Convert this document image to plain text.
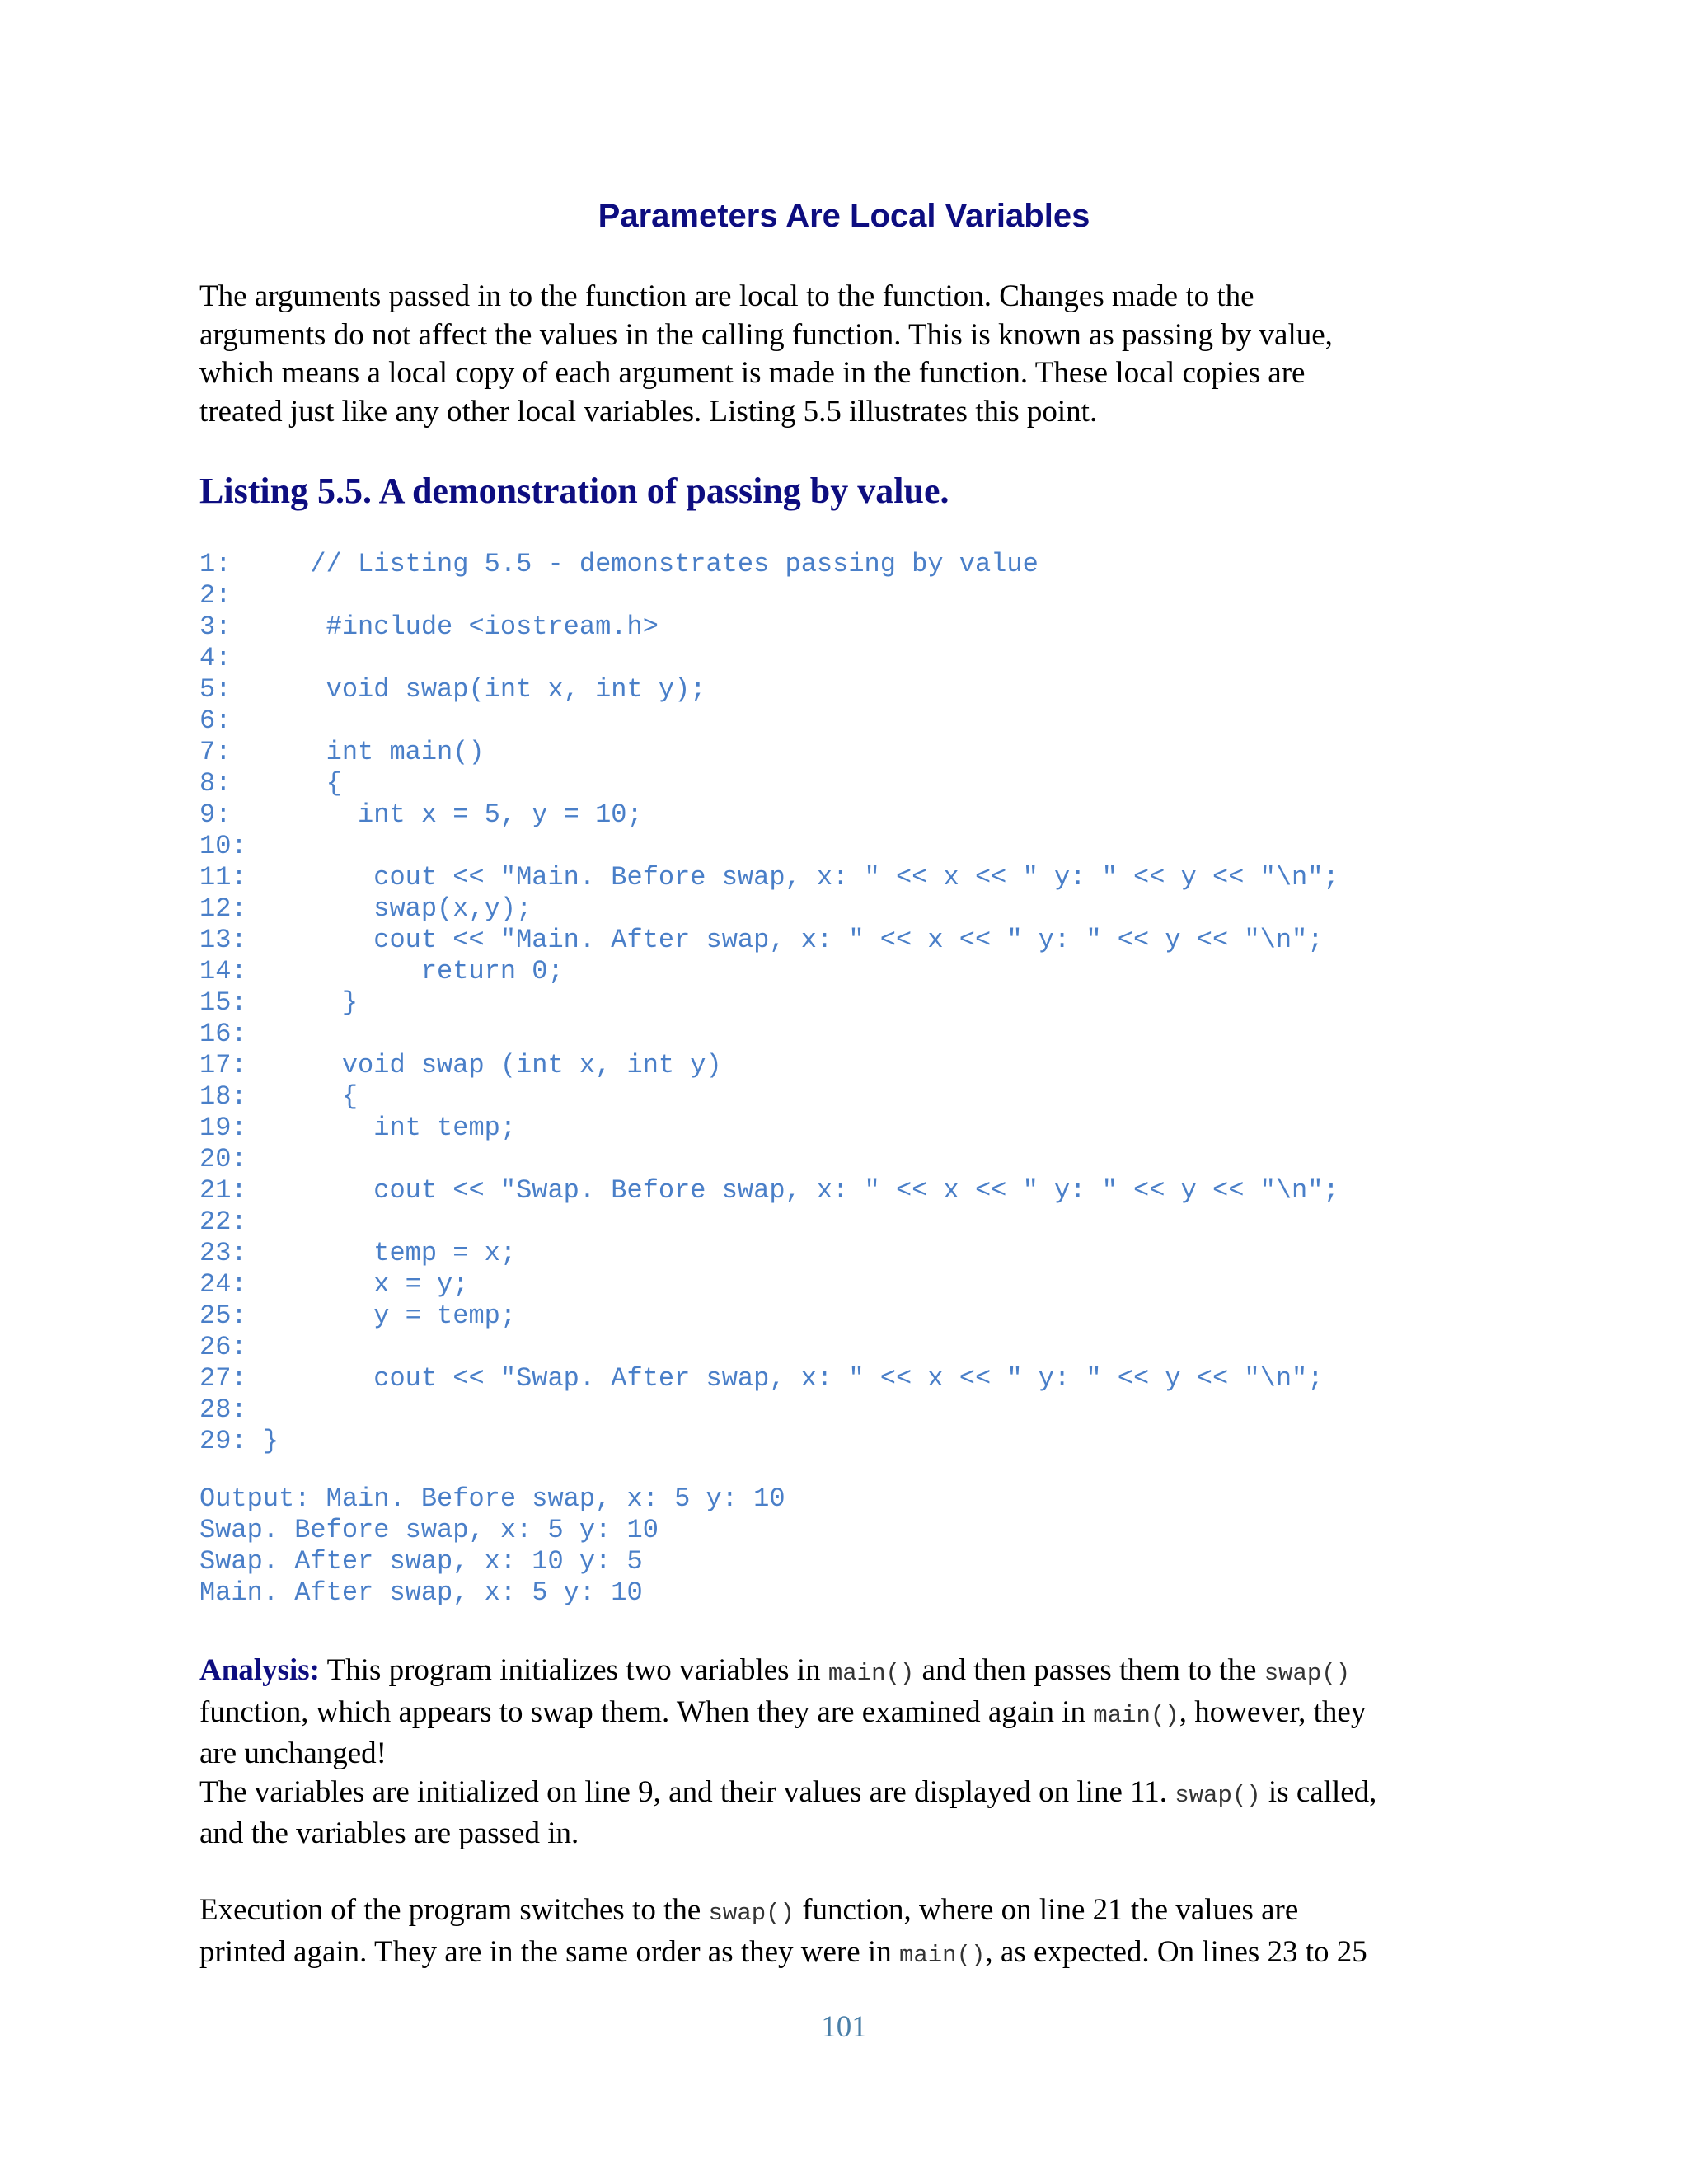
Parameters Are Local Variables

The arguments passed in to the function are local to the function. Changes made to the

arguments do not affect the values in the calling function. This is known as passing by value,

which means a local copy of each argument is made in the function. These local copies are

treated just like any other local variables. Listing 5.5 illustrates this point.

Listing 5.5. A demonstration of passing by value.
1:     // Listing 5.5 - demonstrates passing by value
2:
3:      #include <iostream.h>
4:
5:      void swap(int x, int y);
6:
7:      int main()
8:      {
9:        int x = 5, y = 10;
10:
11:        cout << "Main. Before swap, x: " << x << " y: " << y << "\n";
12:        swap(x,y);
13:        cout << "Main. After swap, x: " << x << " y: " << y << "\n";
14:           return 0;
15:      }
16:
17:      void swap (int x, int y)
18:      {
19:        int temp;
20:
21:        cout << "Swap. Before swap, x: " << x << " y: " << y << "\n";
22:
23:        temp = x;
24:        x = y;
25:        y = temp;
26:
27:        cout << "Swap. After swap, x: " << x << " y: " << y << "\n";
28:
29: }
Output: Main. Before swap, x: 5 y: 10
Swap. Before swap, x: 5 y: 10
Swap. After swap, x: 10 y: 5
Main. After swap, x: 5 y: 10

Analysis: This program initializes two variables in main() and then passes them to the swap()

function, which appears to swap them. When they are examined again in main(), however, they

are unchanged!

The variables are initialized on line 9, and their values are displayed on line 11. swap() is called,

and the variables are passed in.

Execution of the program switches to the swap() function, where on line 21 the values are

printed again. They are in the same order as they were in main(), as expected. On lines 23 to 25

101
